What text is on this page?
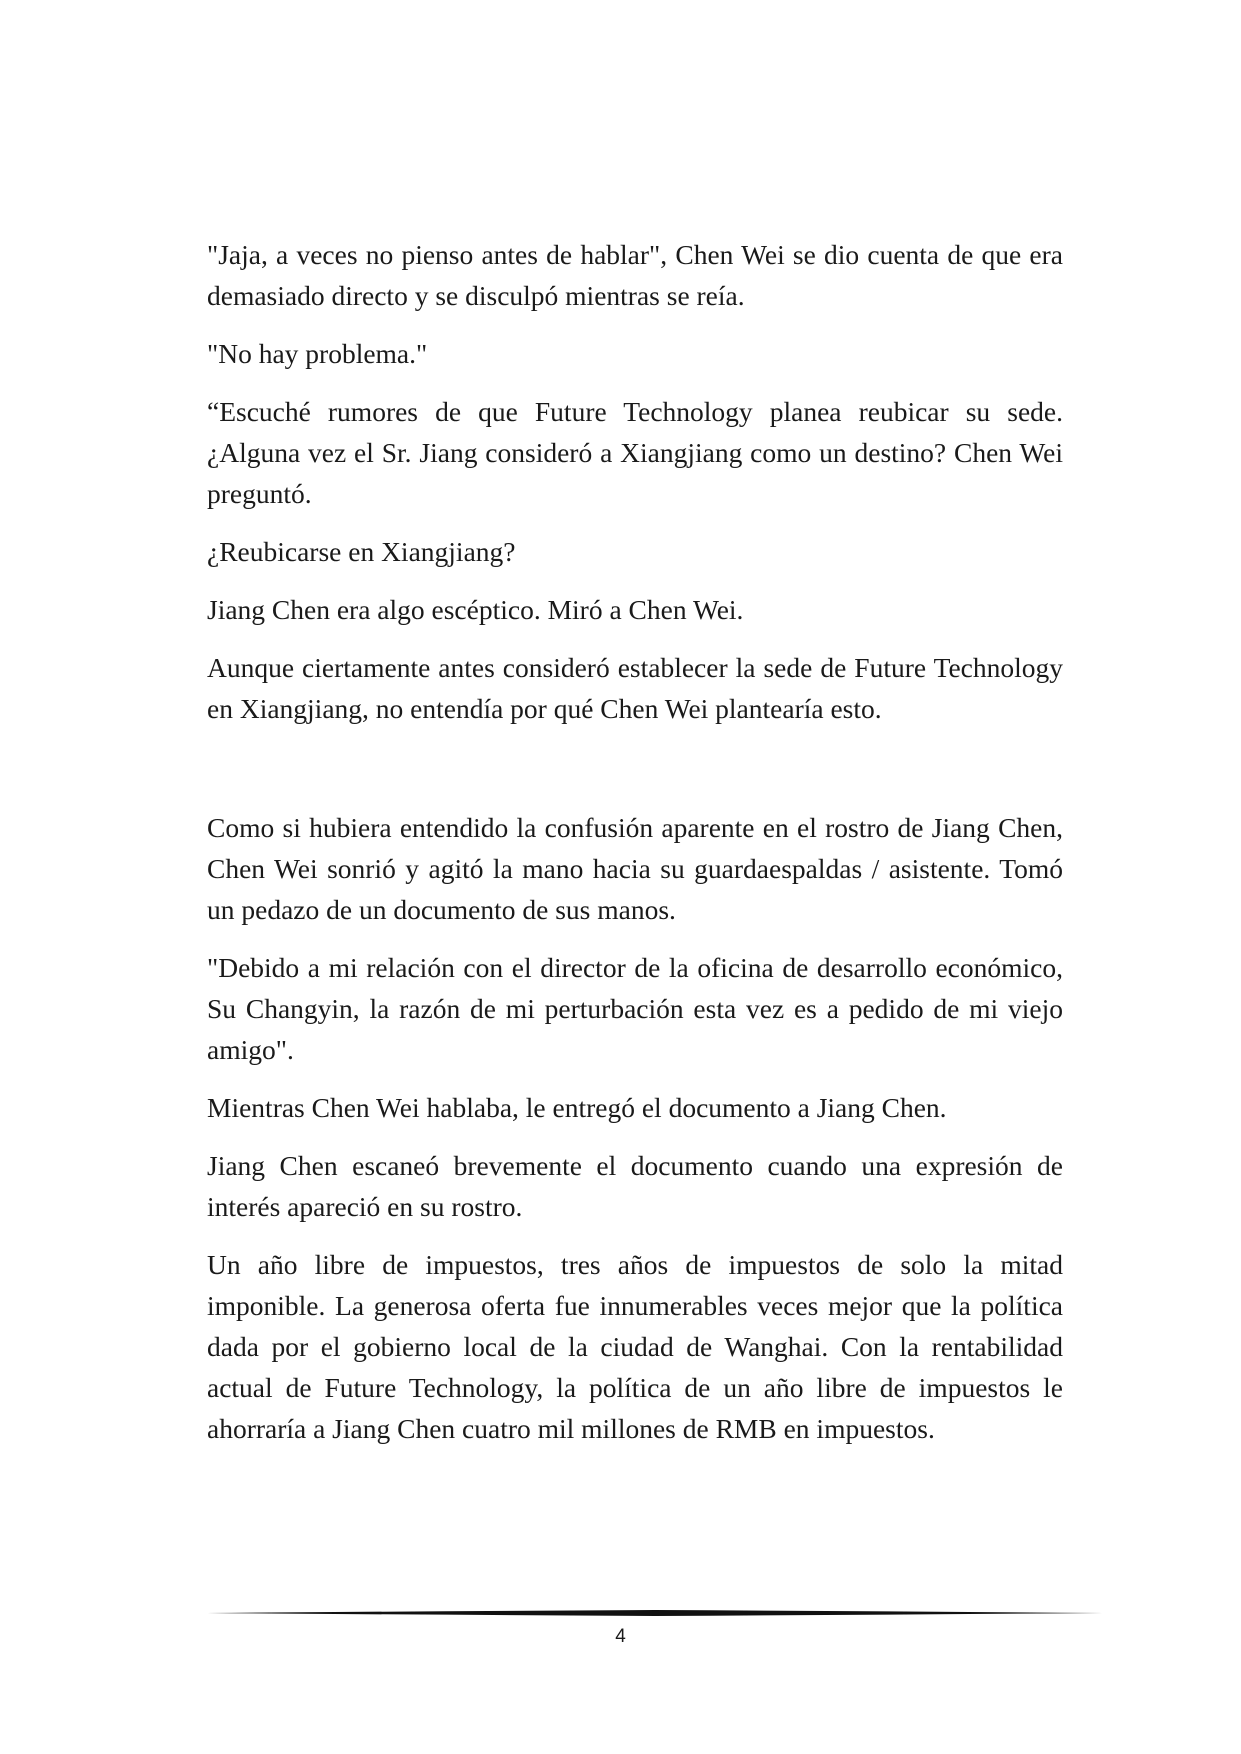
"Jaja, a veces no pienso antes de hablar", Chen Wei se dio cuenta de que era demasiado directo y se disculpó mientras se reía.

"No hay problema."

“Escuché rumores de que Future Technology planea reubicar su sede. ¿Alguna vez el Sr. Jiang consideró a Xiangjiang como un destino? Chen Wei preguntó.

¿Reubicarse en Xiangjiang?

Jiang Chen era algo escéptico. Miró a Chen Wei.

Aunque ciertamente antes consideró establecer la sede de Future Technology en Xiangjiang, no entendía por qué Chen Wei plantearía esto.

Como si hubiera entendido la confusión aparente en el rostro de Jiang Chen, Chen Wei sonrió y agitó la mano hacia su guardaespaldas / asistente. Tomó un pedazo de un documento de sus manos.

"Debido a mi relación con el director de la oficina de desarrollo económico, Su Changyin, la razón de mi perturbación esta vez es a pedido de mi viejo amigo".

Mientras Chen Wei hablaba, le entregó el documento a Jiang Chen.

Jiang Chen escaneó brevemente el documento cuando una expresión de interés apareció en su rostro.

Un año libre de impuestos, tres años de impuestos de solo la mitad imponible. La generosa oferta fue innumerables veces mejor que la política dada por el gobierno local de la ciudad de Wanghai. Con la rentabilidad actual de Future Technology, la política de un año libre de impuestos le ahorraría a Jiang Chen cuatro mil millones de RMB en impuestos.

4
